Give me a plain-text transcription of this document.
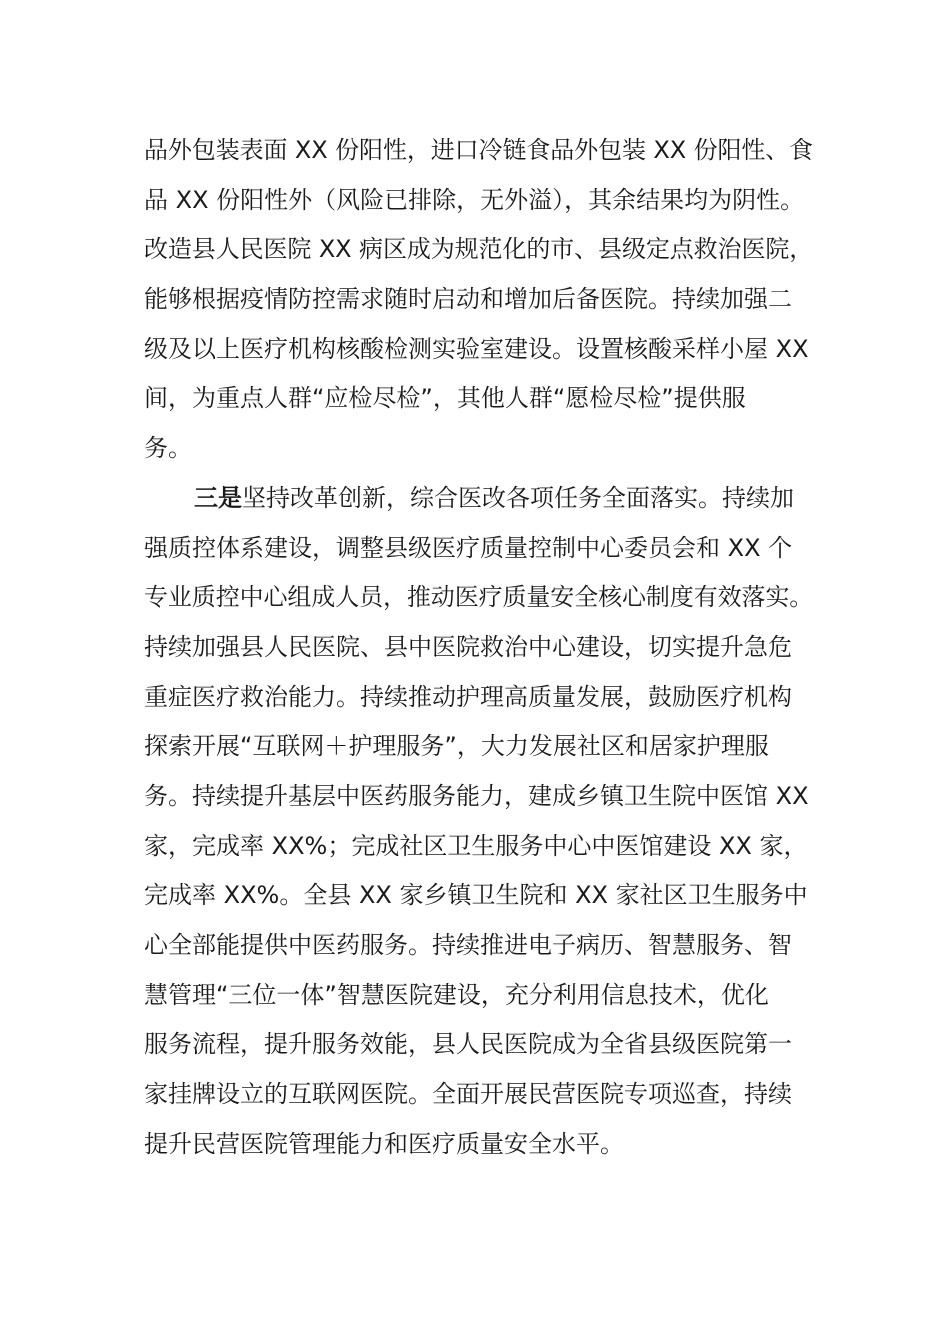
品外包装表面 XX 份阳性，进口冷链食品外包装 XX 份阳性、食
品 XX 份阳性外（风险已排除，无外溢），其余结果均为阴性。
改造县人民医院 XX 病区成为规范化的市、县级定点救治医院，
能够根据疫情防控需求随时启动和增加后备医院。持续加强二
级及以上医疗机构核酸检测实验室建设。设置核酸采样小屋 XX
间，为重点人群“应检尽检”，其他人群“愿检尽检”提供服
务。
三是坚持改革创新，综合医改各项任务全面落实。持续加
强质控体系建设，调整县级医疗质量控制中心委员会和 XX 个
专业质控中心组成人员，推动医疗质量安全核心制度有效落实。
持续加强县人民医院、县中医院救治中心建设，切实提升急危
重症医疗救治能力。持续推动护理高质量发展，鼓励医疗机构
探索开展“互联网＋护理服务”，大力发展社区和居家护理服
务。持续提升基层中医药服务能力，建成乡镇卫生院中医馆 XX
家，完成率 XX%；完成社区卫生服务中心中医馆建设 XX 家，
完成率 XX%。全县 XX 家乡镇卫生院和 XX 家社区卫生服务中
心全部能提供中医药服务。持续推进电子病历、智慧服务、智
慧管理“三位一体”智慧医院建设，充分利用信息技术，优化
服务流程，提升服务效能，县人民医院成为全省县级医院第一
家挂牌设立的互联网医院。全面开展民营医院专项巡查，持续
提升民营医院管理能力和医疗质量安全水平。
